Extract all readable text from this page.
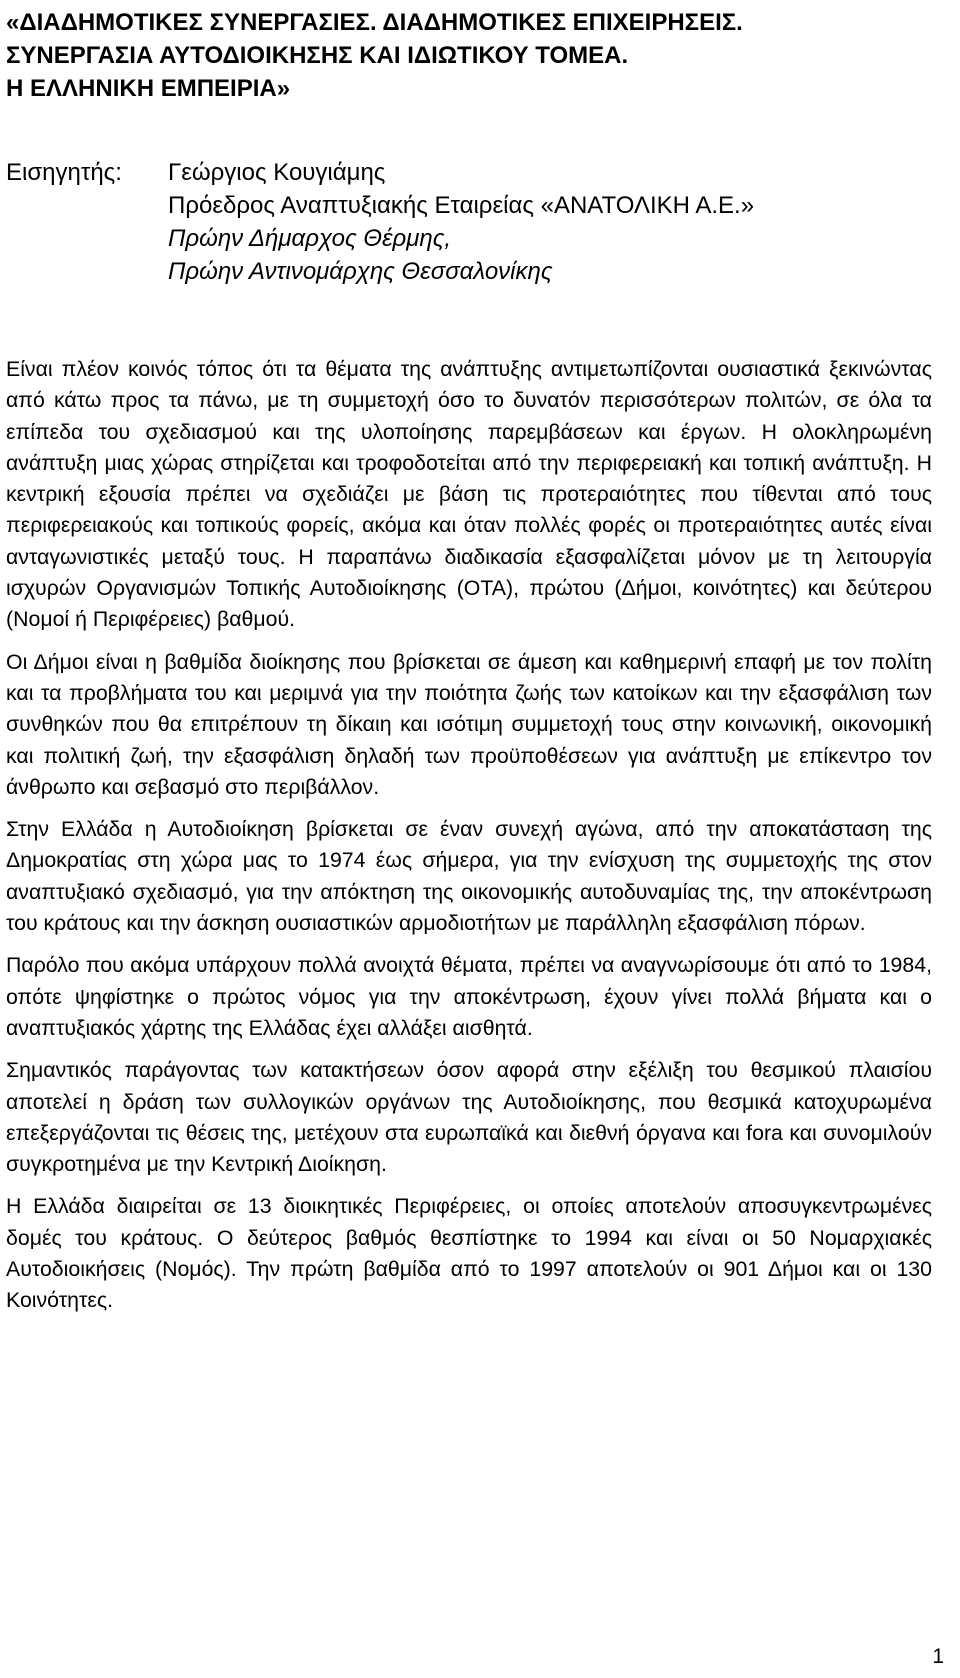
«ΔΙΑΔΗΜΟΤΙΚΕΣ ΣΥΝΕΡΓΑΣΙΕΣ. ΔΙΑΔΗΜΟΤΙΚΕΣ ΕΠΙΧΕΙΡΗΣΕΙΣ.
ΣΥΝΕΡΓΑΣΙΑ ΑΥΤΟΔΙΟΙΚΗΣΗΣ ΚΑΙ ΙΔΙΩΤΙΚΟΥ ΤΟΜΕΑ.
Η ΕΛΛΗΝΙΚΗ ΕΜΠΕΙΡΙΑ»
Εισηγητής: Γεώργιος Κουγιάμης
Πρόεδρος Αναπτυξιακής Εταιρείας «ΑΝΑΤΟΛΙΚΗ Α.Ε.»
Πρώην Δήμαρχος Θέρμης,
Πρώην Αντινομάρχης Θεσσαλονίκης

Είναι πλέον κοινός τόπος ότι τα θέματα της ανάπτυξης αντιμετωπίζονται ουσιαστικά ξεκινώντας από κάτω προς τα πάνω, με τη συμμετοχή όσο το δυνατόν περισσότερων πολιτών, σε όλα τα επίπεδα του σχεδιασμού και της υλοποίησης παρεμβάσεων και έργων. Η ολοκληρωμένη ανάπτυξη μιας χώρας στηρίζεται και τροφοδοτείται από την περιφερειακή και τοπική ανάπτυξη. Η κεντρική εξουσία πρέπει να σχεδιάζει με βάση τις προτεραιότητες που τίθενται από τους περιφερειακούς και τοπικούς φορείς, ακόμα και όταν πολλές φορές οι προτεραιότητες αυτές είναι ανταγωνιστικές μεταξύ τους. Η παραπάνω διαδικασία εξασφαλίζεται μόνον με τη λειτουργία ισχυρών Οργανισμών Τοπικής Αυτοδιοίκησης (ΟΤΑ), πρώτου (Δήμοι, κοινότητες) και δεύτερου (Νομοί ή Περιφέρειες) βαθμού.

Οι Δήμοι είναι η βαθμίδα διοίκησης που βρίσκεται σε άμεση και καθημερινή επαφή με τον πολίτη και τα προβλήματα του και μεριμνά για την ποιότητα ζωής των κατοίκων και την εξασφάλιση των συνθηκών που θα επιτρέπουν τη δίκαιη και ισότιμη συμμετοχή τους στην κοινωνική, οικονομική και πολιτική ζωή, την εξασφάλιση δηλαδή των προϋποθέσεων για ανάπτυξη με επίκεντρο τον άνθρωπο και σεβασμό στο περιβάλλον.

Στην Ελλάδα η Αυτοδιοίκηση βρίσκεται σε έναν συνεχή αγώνα, από την αποκατάσταση της Δημοκρατίας στη χώρα μας το 1974 έως σήμερα, για την ενίσχυση της συμμετοχής της στον αναπτυξιακό σχεδιασμό, για την απόκτηση της οικονομικής αυτοδυναμίας της, την αποκέντρωση του κράτους και την άσκηση ουσιαστικών αρμοδιοτήτων με παράλληλη εξασφάλιση πόρων.

Παρόλο που ακόμα υπάρχουν πολλά ανοιχτά θέματα, πρέπει να αναγνωρίσουμε ότι από το 1984, οπότε ψηφίστηκε ο πρώτος νόμος για την αποκέντρωση, έχουν γίνει πολλά βήματα και ο αναπτυξιακός χάρτης της Ελλάδας έχει αλλάξει αισθητά.

Σημαντικός παράγοντας των κατακτήσεων όσον αφορά στην εξέλιξη του θεσμικού πλαισίου αποτελεί η δράση των συλλογικών οργάνων της Αυτοδιοίκησης, που θεσμικά κατοχυρωμένα επεξεργάζονται τις θέσεις της, μετέχουν στα ευρωπαϊκά και διεθνή όργανα και fora και συνομιλούν συγκροτημένα με την Κεντρική Διοίκηση.

Η Ελλάδα διαιρείται σε 13 διοικητικές Περιφέρειες, οι οποίες αποτελούν αποσυγκεντρωμένες δομές του κράτους. Ο δεύτερος βαθμός θεσπίστηκε το 1994 και είναι οι 50 Νομαρχιακές Αυτοδιοικήσεις (Νομός). Την πρώτη βαθμίδα από το 1997 αποτελούν οι 901 Δήμοι και οι 130 Κοινότητες.

1
